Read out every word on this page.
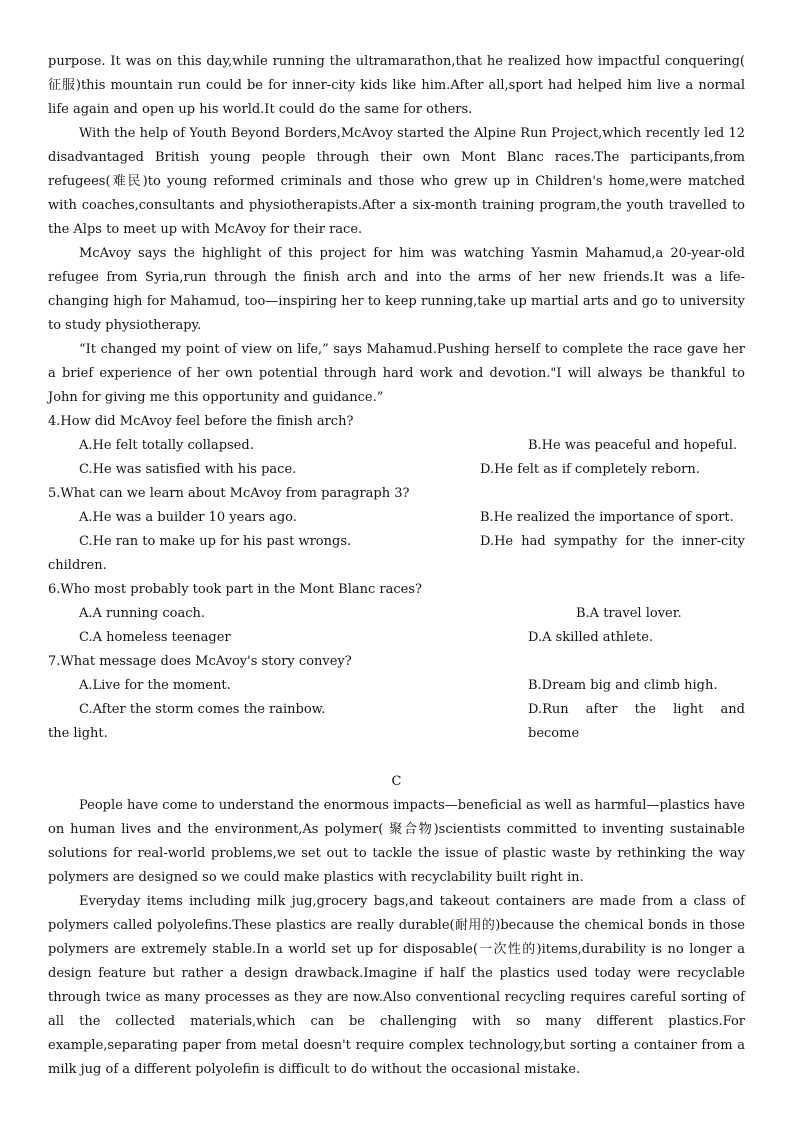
purpose. It was on this day,while running the ultramarathon,that he realized how impactful conquering( 征服)this mountain run could be for inner-city kids like him.After all,sport had helped him live a normal life again and open up his world.It could do the same for others.

With the help of Youth Beyond Borders,McAvoy started the Alpine Run Project,which recently led 12 disadvantaged British young people through their own Mont Blanc races.The participants,from refugees(难民)to young reformed criminals and those who grew up in Children's home,were matched with coaches,consultants and physiotherapists.After a six-month training program,the youth travelled to the Alps to meet up with McAvoy for their race.

McAvoy says the highlight of this project for him was watching Yasmin Mahamud,a 20-year-old refugee from Syria,run through the finish arch and into the arms of her new friends.It was a life-changing high for Mahamud, too—inspiring her to keep running,take up martial arts and go to university to study physiotherapy.

“It changed my point of view on life,” says Mahamud.Pushing herself to complete the race gave her a brief experience of her own potential through hard work and devotion."I will always be thankful to John for giving me this opportunity and guidance.”

4.How did McAvoy feel before the finish arch?
A.He felt totally collapsed.	B.He was peaceful and hopeful.
C.He was satisfied with his pace.	D.He felt as if completely reborn.
5.What can we learn about McAvoy from paragraph 3?
A.He was a builder 10 years ago.	B.He realized the importance of sport.
C.He ran to make up for his past wrongs.	D.He had sympathy for the inner-city
children.
6.Who most probably took part in the Mont Blanc races?
A.A running coach.	B.A travel lover.
C.A homeless teenager	D.A skilled athlete.
7.What message does McAvoy's story convey?
A.Live for the moment.	B.Dream big and climb high.
C.After the storm comes the rainbow.	D.Run after the light and become
the light.
C

People have come to understand the enormous impacts—beneficial as well as harmful—plastics have on human lives and the environment,As polymer( 聚合物)scientists committed to inventing sustainable solutions for real-world problems,we set out to tackle the issue of plastic waste by rethinking the way polymers are designed so we could make plastics with recyclability built right in.

Everyday items including milk jug,grocery bags,and takeout containers are made from a class of polymers called polyolefins.These plastics are really durable(耐用的)because the chemical bonds in those polymers are extremely stable.In a world set up for disposable(一次性的)items,durability is no longer a design feature but rather a design drawback.Imagine if half the plastics used today were recyclable through twice as many processes as they are now.Also conventional recycling requires careful sorting of all the collected materials,which can be challenging with so many different plastics.For example,separating paper from metal doesn't require complex technology,but sorting a container from a milk jug of a different polyolefin is difficult to do without the occasional mistake.
